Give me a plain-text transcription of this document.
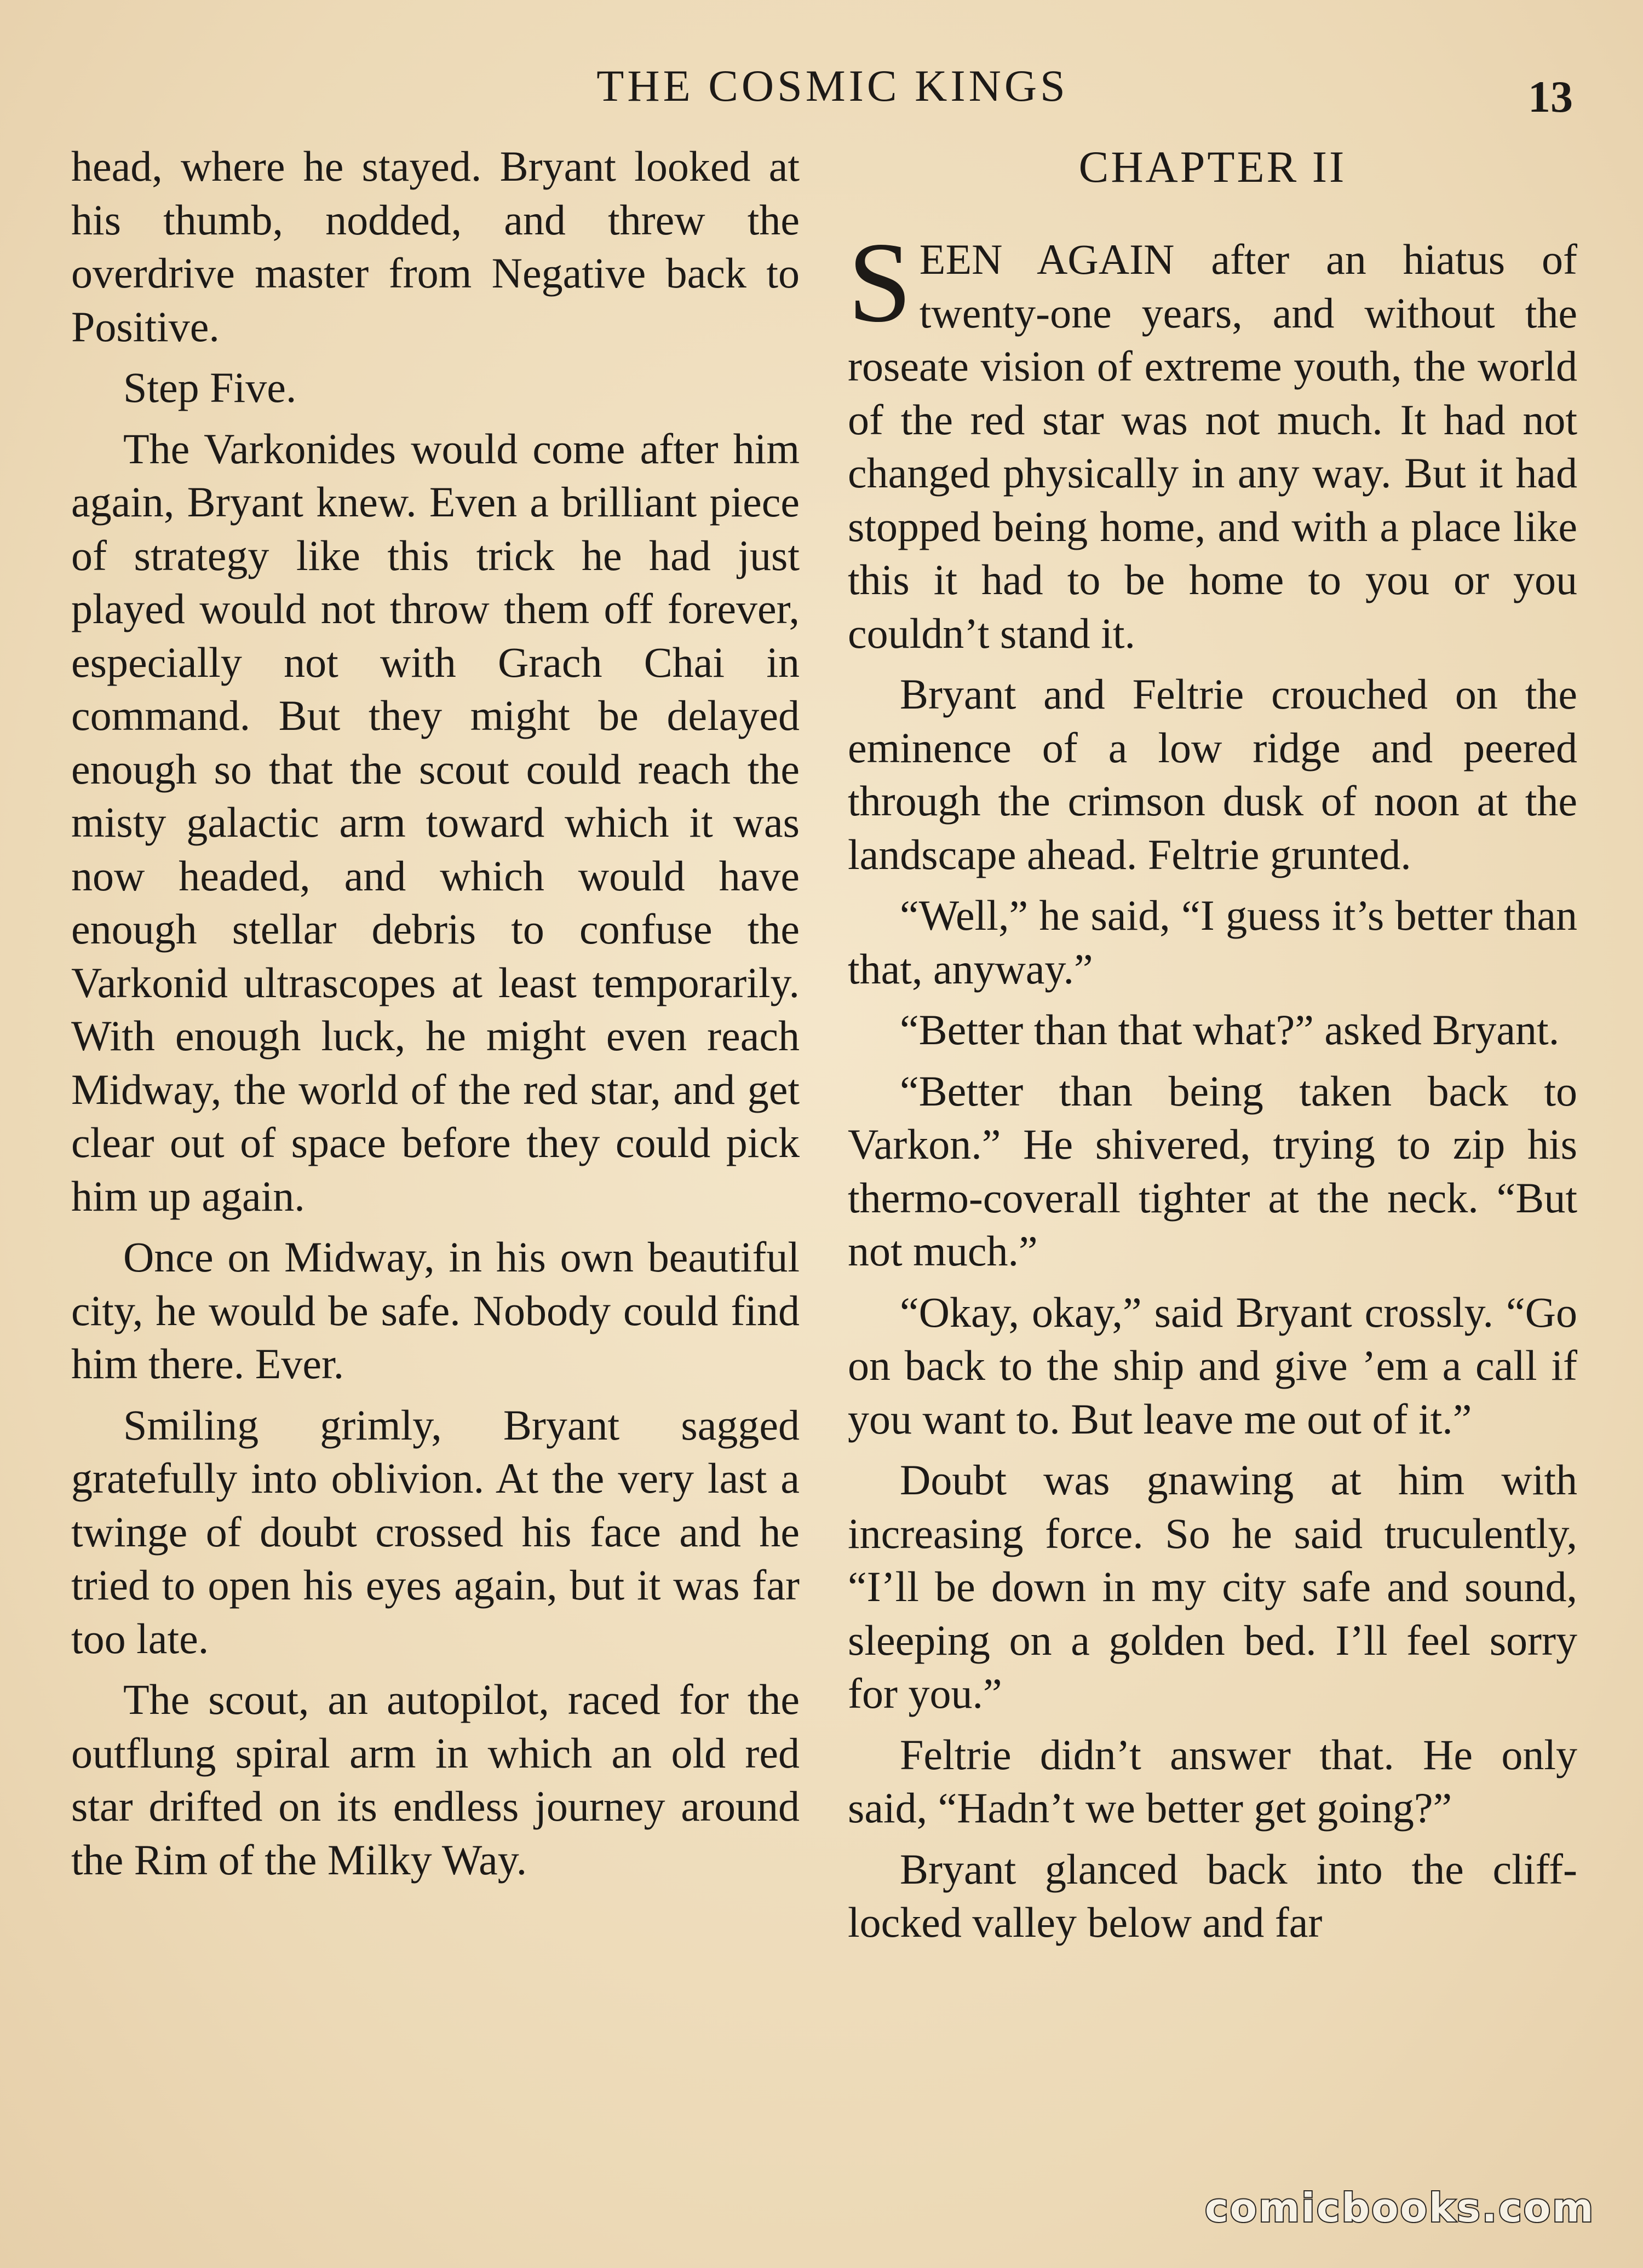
THE COSMIC KINGS	13

head, where he stayed. Bryant looked at his thumb, nodded, and threw the overdrive master from Negative back to Positive.

Step Five.

The Varkonides would come after him again, Bryant knew. Even a brilliant piece of strategy like this trick he had just played would not throw them off forever, especially not with Grach Chai in command. But they might be delayed enough so that the scout could reach the misty galactic arm toward which it was now headed, and which would have enough stellar debris to confuse the Varkonid ultrascopes at least temporarily. With enough luck, he might even reach Midway, the world of the red star, and get clear out of space before they could pick him up again.

Once on Midway, in his own beautiful city, he would be safe. Nobody could find him there. Ever.

Smiling grimly, Bryant sagged gratefully into oblivion. At the very last a twinge of doubt crossed his face and he tried to open his eyes again, but it was far too late.

The scout, an autopilot, raced for the outflung spiral arm in which an old red star drifted on its endless journey around the Rim of the Milky Way.

CHAPTER II

SEEN AGAIN after an hiatus of twenty-one years, and without the roseate vision of extreme youth, the world of the red star was not much. It had not changed physically in any way. But it had stopped being home, and with a place like this it had to be home to you or you couldn’t stand it.

Bryant and Feltrie crouched on the eminence of a low ridge and peered through the crimson dusk of noon at the landscape ahead. Feltrie grunted.

“Well,” he said, “I guess it’s better than that, anyway.”

“Better than that what?” asked Bryant.

“Better than being taken back to Varkon.” He shivered, trying to zip his thermo-coverall tighter at the neck. “But not much.”

“Okay, okay,” said Bryant crossly. “Go on back to the ship and give ’em a call if you want to. But leave me out of it.”

Doubt was gnawing at him with increasing force. So he said truculently, “I’ll be down in my city safe and sound, sleeping on a golden bed. I’ll feel sorry for you.”

Feltrie didn’t answer that. He only said, “Hadn’t we better get going?”

Bryant glanced back into the cliff-locked valley below and far

comicbooks.com
